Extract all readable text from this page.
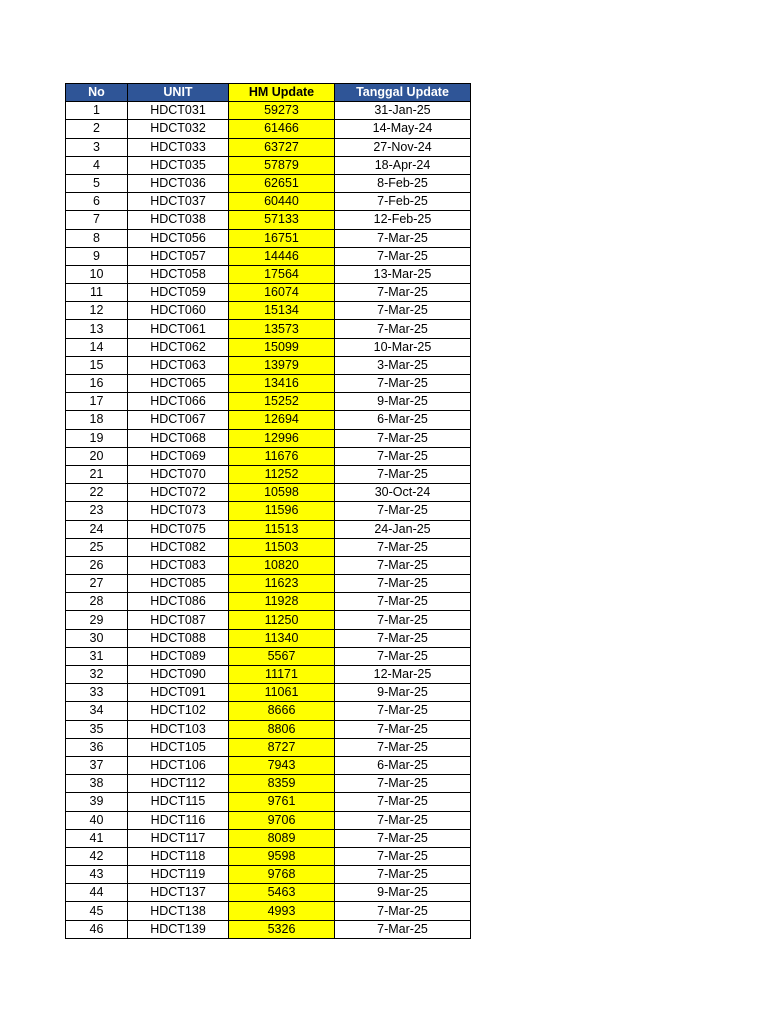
No	UNIT	HM Update	Tanggal Update
1	HDCT031	59273	31-Jan-25
2	HDCT032	61466	14-May-24
3	HDCT033	63727	27-Nov-24
4	HDCT035	57879	18-Apr-24
5	HDCT036	62651	8-Feb-25
6	HDCT037	60440	7-Feb-25
7	HDCT038	57133	12-Feb-25
8	HDCT056	16751	7-Mar-25
9	HDCT057	14446	7-Mar-25
10	HDCT058	17564	13-Mar-25
11	HDCT059	16074	7-Mar-25
12	HDCT060	15134	7-Mar-25
13	HDCT061	13573	7-Mar-25
14	HDCT062	15099	10-Mar-25
15	HDCT063	13979	3-Mar-25
16	HDCT065	13416	7-Mar-25
17	HDCT066	15252	9-Mar-25
18	HDCT067	12694	6-Mar-25
19	HDCT068	12996	7-Mar-25
20	HDCT069	11676	7-Mar-25
21	HDCT070	11252	7-Mar-25
22	HDCT072	10598	30-Oct-24
23	HDCT073	11596	7-Mar-25
24	HDCT075	11513	24-Jan-25
25	HDCT082	11503	7-Mar-25
26	HDCT083	10820	7-Mar-25
27	HDCT085	11623	7-Mar-25
28	HDCT086	11928	7-Mar-25
29	HDCT087	11250	7-Mar-25
30	HDCT088	11340	7-Mar-25
31	HDCT089	5567	7-Mar-25
32	HDCT090	11171	12-Mar-25
33	HDCT091	11061	9-Mar-25
34	HDCT102	8666	7-Mar-25
35	HDCT103	8806	7-Mar-25
36	HDCT105	8727	7-Mar-25
37	HDCT106	7943	6-Mar-25
38	HDCT112	8359	7-Mar-25
39	HDCT115	9761	7-Mar-25
40	HDCT116	9706	7-Mar-25
41	HDCT117	8089	7-Mar-25
42	HDCT118	9598	7-Mar-25
43	HDCT119	9768	7-Mar-25
44	HDCT137	5463	9-Mar-25
45	HDCT138	4993	7-Mar-25
46	HDCT139	5326	7-Mar-25
